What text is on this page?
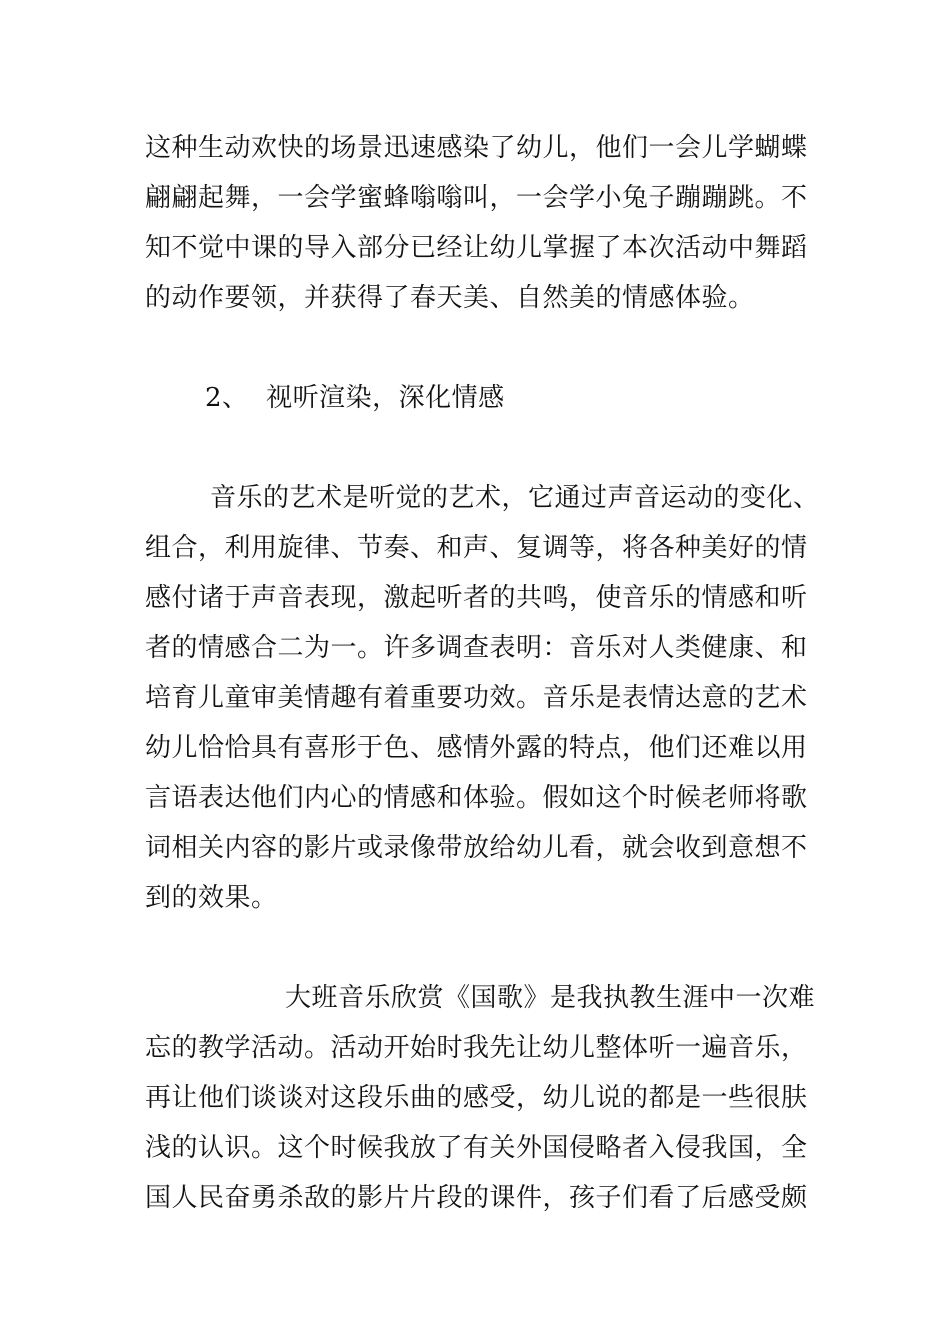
这种生动欢快的场景迅速感染了幼儿，他们一会儿学蝴蝶
翩翩起舞，一会学蜜蜂嗡嗡叫，一会学小兔子蹦蹦跳。不
知不觉中课的导入部分已经让幼儿掌握了本次活动中舞蹈
的动作要领，并获得了春天美、自然美的情感体验。
2、  视听渲染，深化情感
音乐的艺术是听觉的艺术，它通过声音运动的变化、
组合，利用旋律、节奏、和声、复调等，将各种美好的情
感付诸于声音表现，激起听者的共鸣，使音乐的情感和听
者的情感合二为一。许多调查表明：音乐对人类健康、和
培育儿童审美情趣有着重要功效。音乐是表情达意的艺术
幼儿恰恰具有喜形于色、感情外露的特点，他们还难以用
言语表达他们内心的情感和体验。假如这个时候老师将歌
词相关内容的影片或录像带放给幼儿看，就会收到意想不
到的效果。
大班音乐欣赏《国歌》是我执教生涯中一次难
忘的教学活动。活动开始时我先让幼儿整体听一遍音乐，
再让他们谈谈对这段乐曲的感受，幼儿说的都是一些很肤
浅的认识。这个时候我放了有关外国侵略者入侵我国，全
国人民奋勇杀敌的影片片段的课件，孩子们看了后感受颇
